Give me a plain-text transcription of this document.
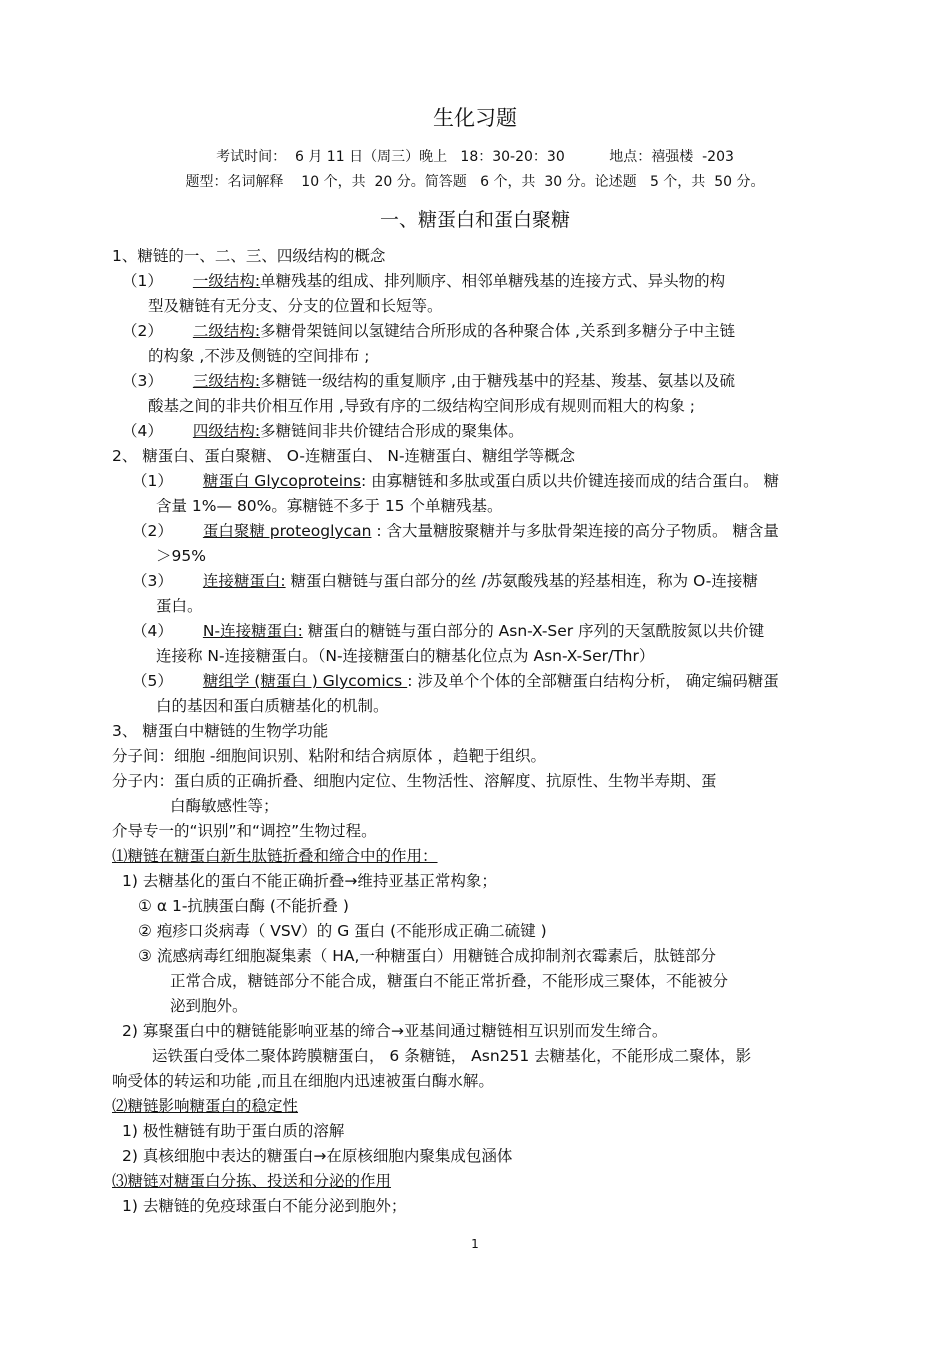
生化习题
考试时间：  6 月 11 日（周三）晚上   18：30-20：30          地点：禧强楼  -203
题型：名词解释    10 个，共  20 分。简答题   6 个，共  30 分。论述题   5 个，共  50 分。
一、糖蛋白和蛋白聚糖
1、糖链的一、二、三、四级结构的概念
（1） 一级结构:单糖残基的组成、排列顺序、相邻单糖残基的连接方式、异头物的构
型及糖链有无分支、分支的位置和长短等。
（2） 二级结构:多糖骨架链间以氢键结合所形成的各种聚合体 ,关系到多糖分子中主链
的构象 ,不涉及侧链的空间排布 ;
（3） 三级结构:多糖链一级结构的重复顺序 ,由于糖残基中的羟基、羧基、氨基以及硫
酸基之间的非共价相互作用 ,导致有序的二级结构空间形成有规则而粗大的构象 ;
（4） 四级结构:多糖链间非共价键结合形成的聚集体。
2、 糖蛋白、蛋白聚糖、 O-连糖蛋白、 N-连糖蛋白、糖组学等概念
（1） 糖蛋白 Glycoproteins: 由寡糖链和多肽或蛋白质以共价键连接而成的结合蛋白。 糖
含量 1%— 80%。寡糖链不多于 15 个单糖残基。
（2） 蛋白聚糖 proteoglycan : 含大量糖胺聚糖并与多肽骨架连接的高分子物质。 糖含量
＞95%
（3） 连接糖蛋白: 糖蛋白糖链与蛋白部分的丝 /苏氨酸残基的羟基相连，称为 O-连接糖
蛋白。
（4） N-连接糖蛋白: 糖蛋白的糖链与蛋白部分的 Asn-X-Ser 序列的天氢酰胺氮以共价键
连接称 N-连接糖蛋白。（N-连接糖蛋白的糖基化位点为 Asn-X-Ser/Thr）
（5） 糖组学 (糖蛋白 ) Glycomics : 涉及单个个体的全部糖蛋白结构分析， 确定编码糖蛋
白的基因和蛋白质糖基化的机制。
3、 糖蛋白中糖链的生物学功能
分子间：细胞 -细胞间识别、粘附和结合病原体 ，趋靶于组织。
分子内：蛋白质的正确折叠、细胞内定位、生物活性、溶解度、抗原性、生物半寿期、蛋
白酶敏感性等；
介导专一的“识别”和“调控”生物过程。
⑴糖链在糖蛋白新生肽链折叠和缔合中的作用：
1) 去糖基化的蛋白不能正确折叠→维持亚基正常构象；
① α 1-抗胰蛋白酶 (不能折叠 )
② 疱疹口炎病毒（ VSV）的 G 蛋白 (不能形成正确二硫键 )
③ 流感病毒红细胞凝集素（ HA,一种糖蛋白）用糖链合成抑制剂衣霉素后，肽链部分
正常合成，糖链部分不能合成，糖蛋白不能正常折叠，不能形成三聚体，不能被分
泌到胞外。
2) 寡聚蛋白中的糖链能影响亚基的缔合→亚基间通过糖链相互识别而发生缔合。
运铁蛋白受体二聚体跨膜糖蛋白， 6 条糖链， Asn251 去糖基化，不能形成二聚体，影
响受体的转运和功能 ,而且在细胞内迅速被蛋白酶水解。
⑵糖链影响糖蛋白的稳定性
1) 极性糖链有助于蛋白质的溶解
2) 真核细胞中表达的糖蛋白→在原核细胞内聚集成包涵体
⑶糖链对糖蛋白分拣、投送和分泌的作用
1) 去糖链的免疫球蛋白不能分泌到胞外；
1
